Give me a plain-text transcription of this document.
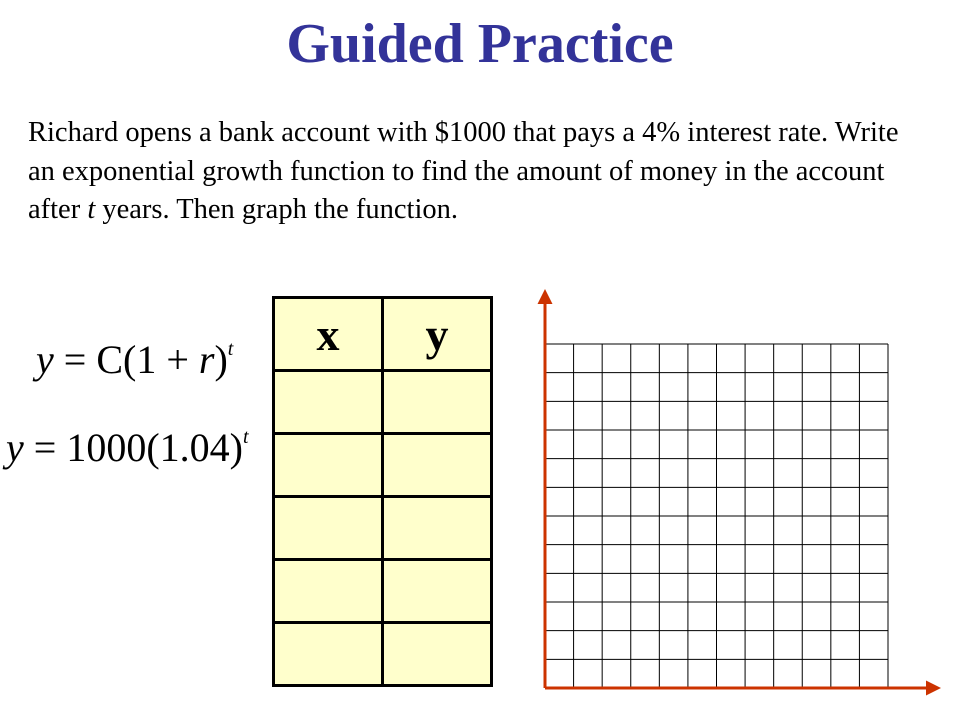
Guided Practice

Richard opens a bank account with $1000 that pays a 4% interest rate. Write an exponential growth function to find the amount of money in the account after t years. Then graph the function.

$y = C(1 + r)^t$
$y = 1000(1.04)^t$
x	y
